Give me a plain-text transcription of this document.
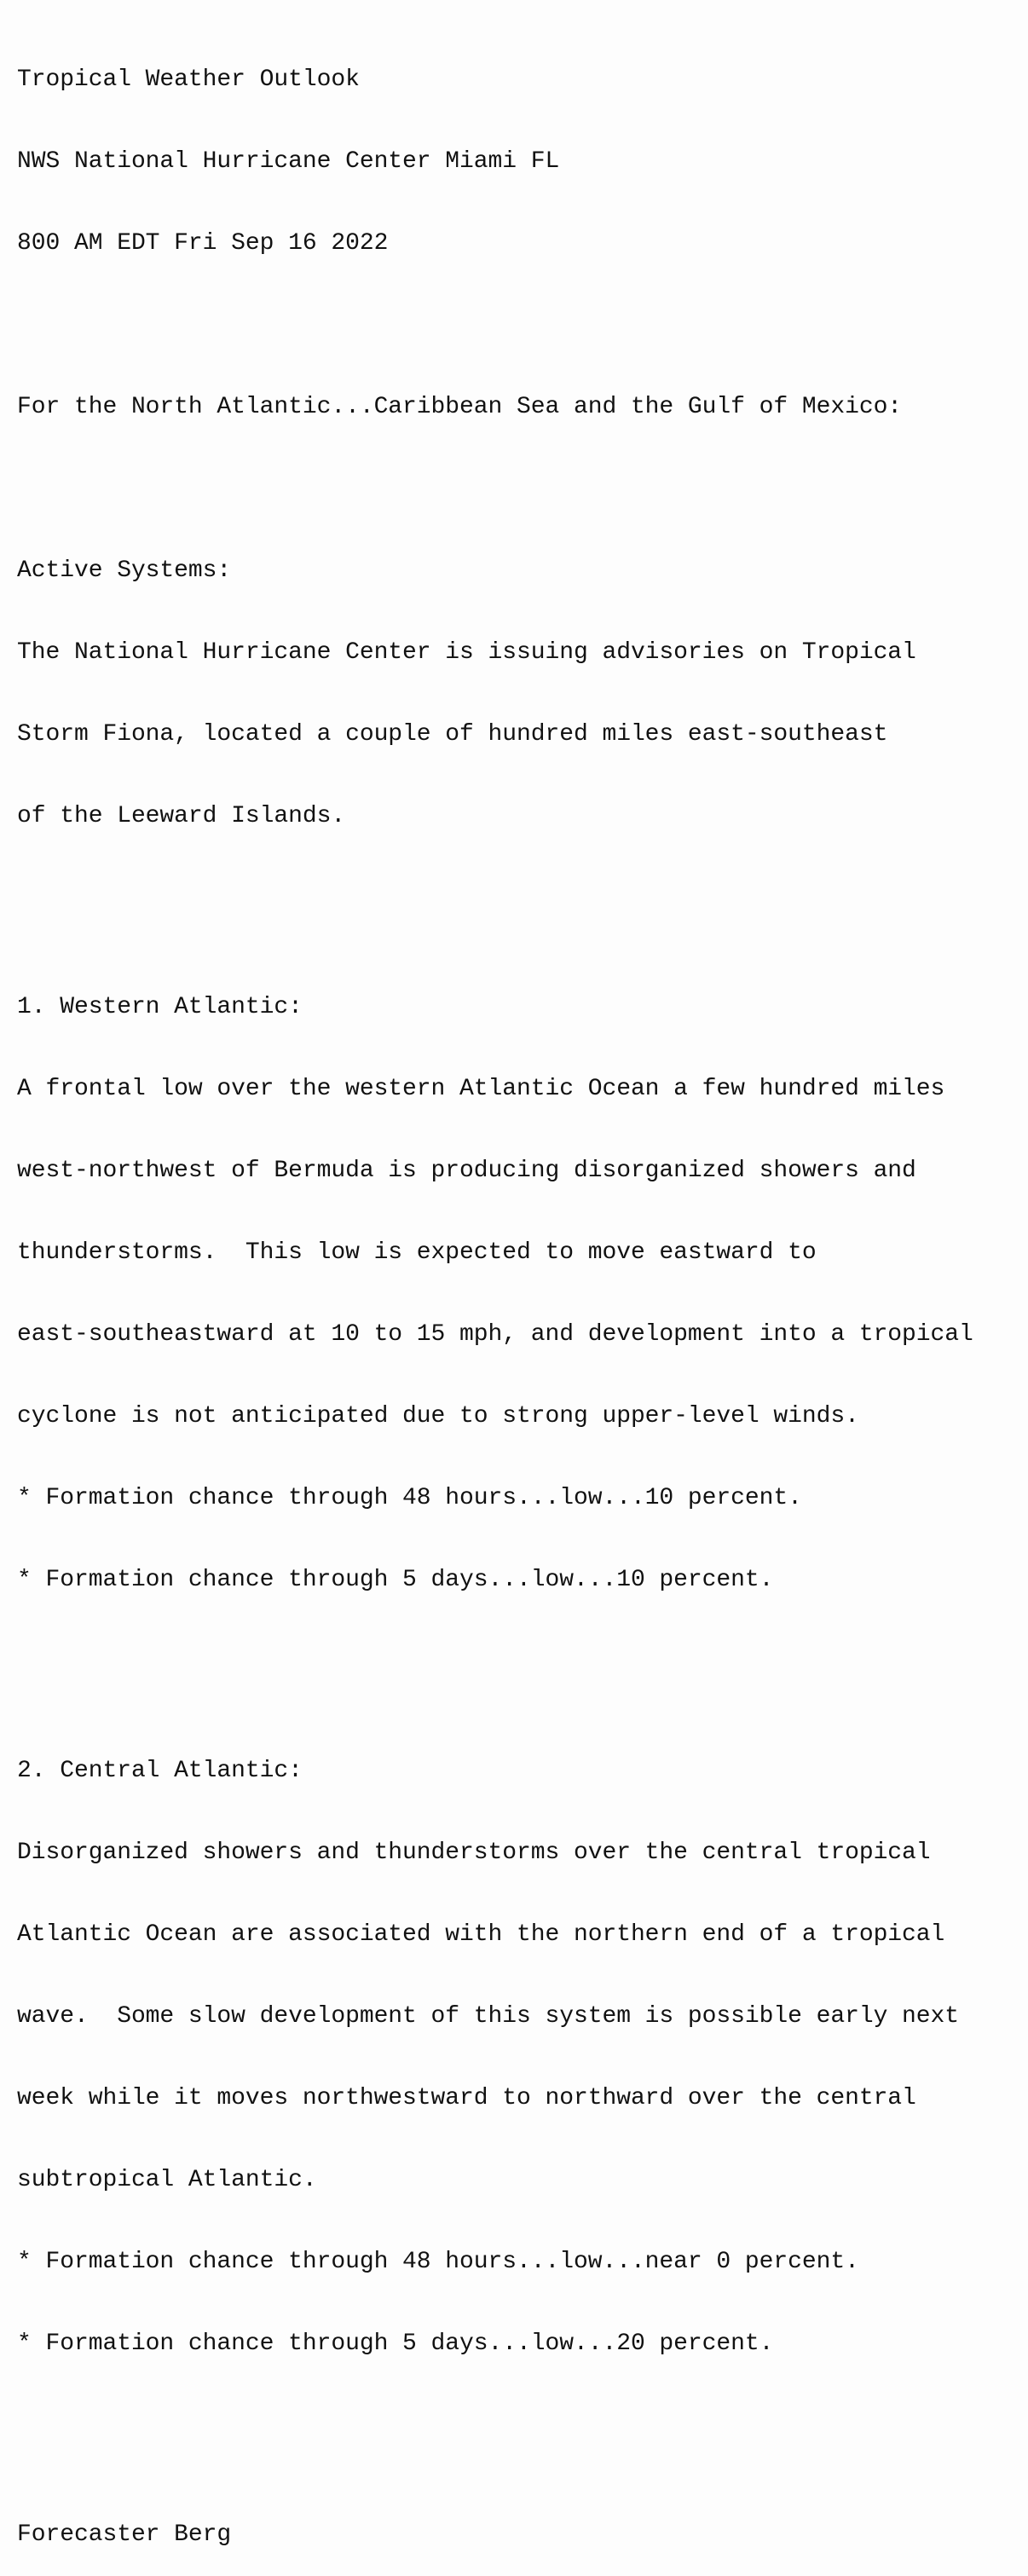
Tropical Weather Outlook

NWS National Hurricane Center Miami FL

800 AM EDT Fri Sep 16 2022

For the North Atlantic...Caribbean Sea and the Gulf of Mexico:

Active Systems:

The National Hurricane Center is issuing advisories on Tropical

Storm Fiona, located a couple of hundred miles east-southeast

of the Leeward Islands.

1. Western Atlantic:

A frontal low over the western Atlantic Ocean a few hundred miles

west-northwest of Bermuda is producing disorganized showers and

thunderstorms.  This low is expected to move eastward to

east-southeastward at 10 to 15 mph, and development into a tropical

cyclone is not anticipated due to strong upper-level winds.

* Formation chance through 48 hours...low...10 percent.

* Formation chance through 5 days...low...10 percent.

2. Central Atlantic:

Disorganized showers and thunderstorms over the central tropical

Atlantic Ocean are associated with the northern end of a tropical

wave.  Some slow development of this system is possible early next

week while it moves northwestward to northward over the central

subtropical Atlantic.

* Formation chance through 48 hours...low...near 0 percent.

* Formation chance through 5 days...low...20 percent.

Forecaster Berg
